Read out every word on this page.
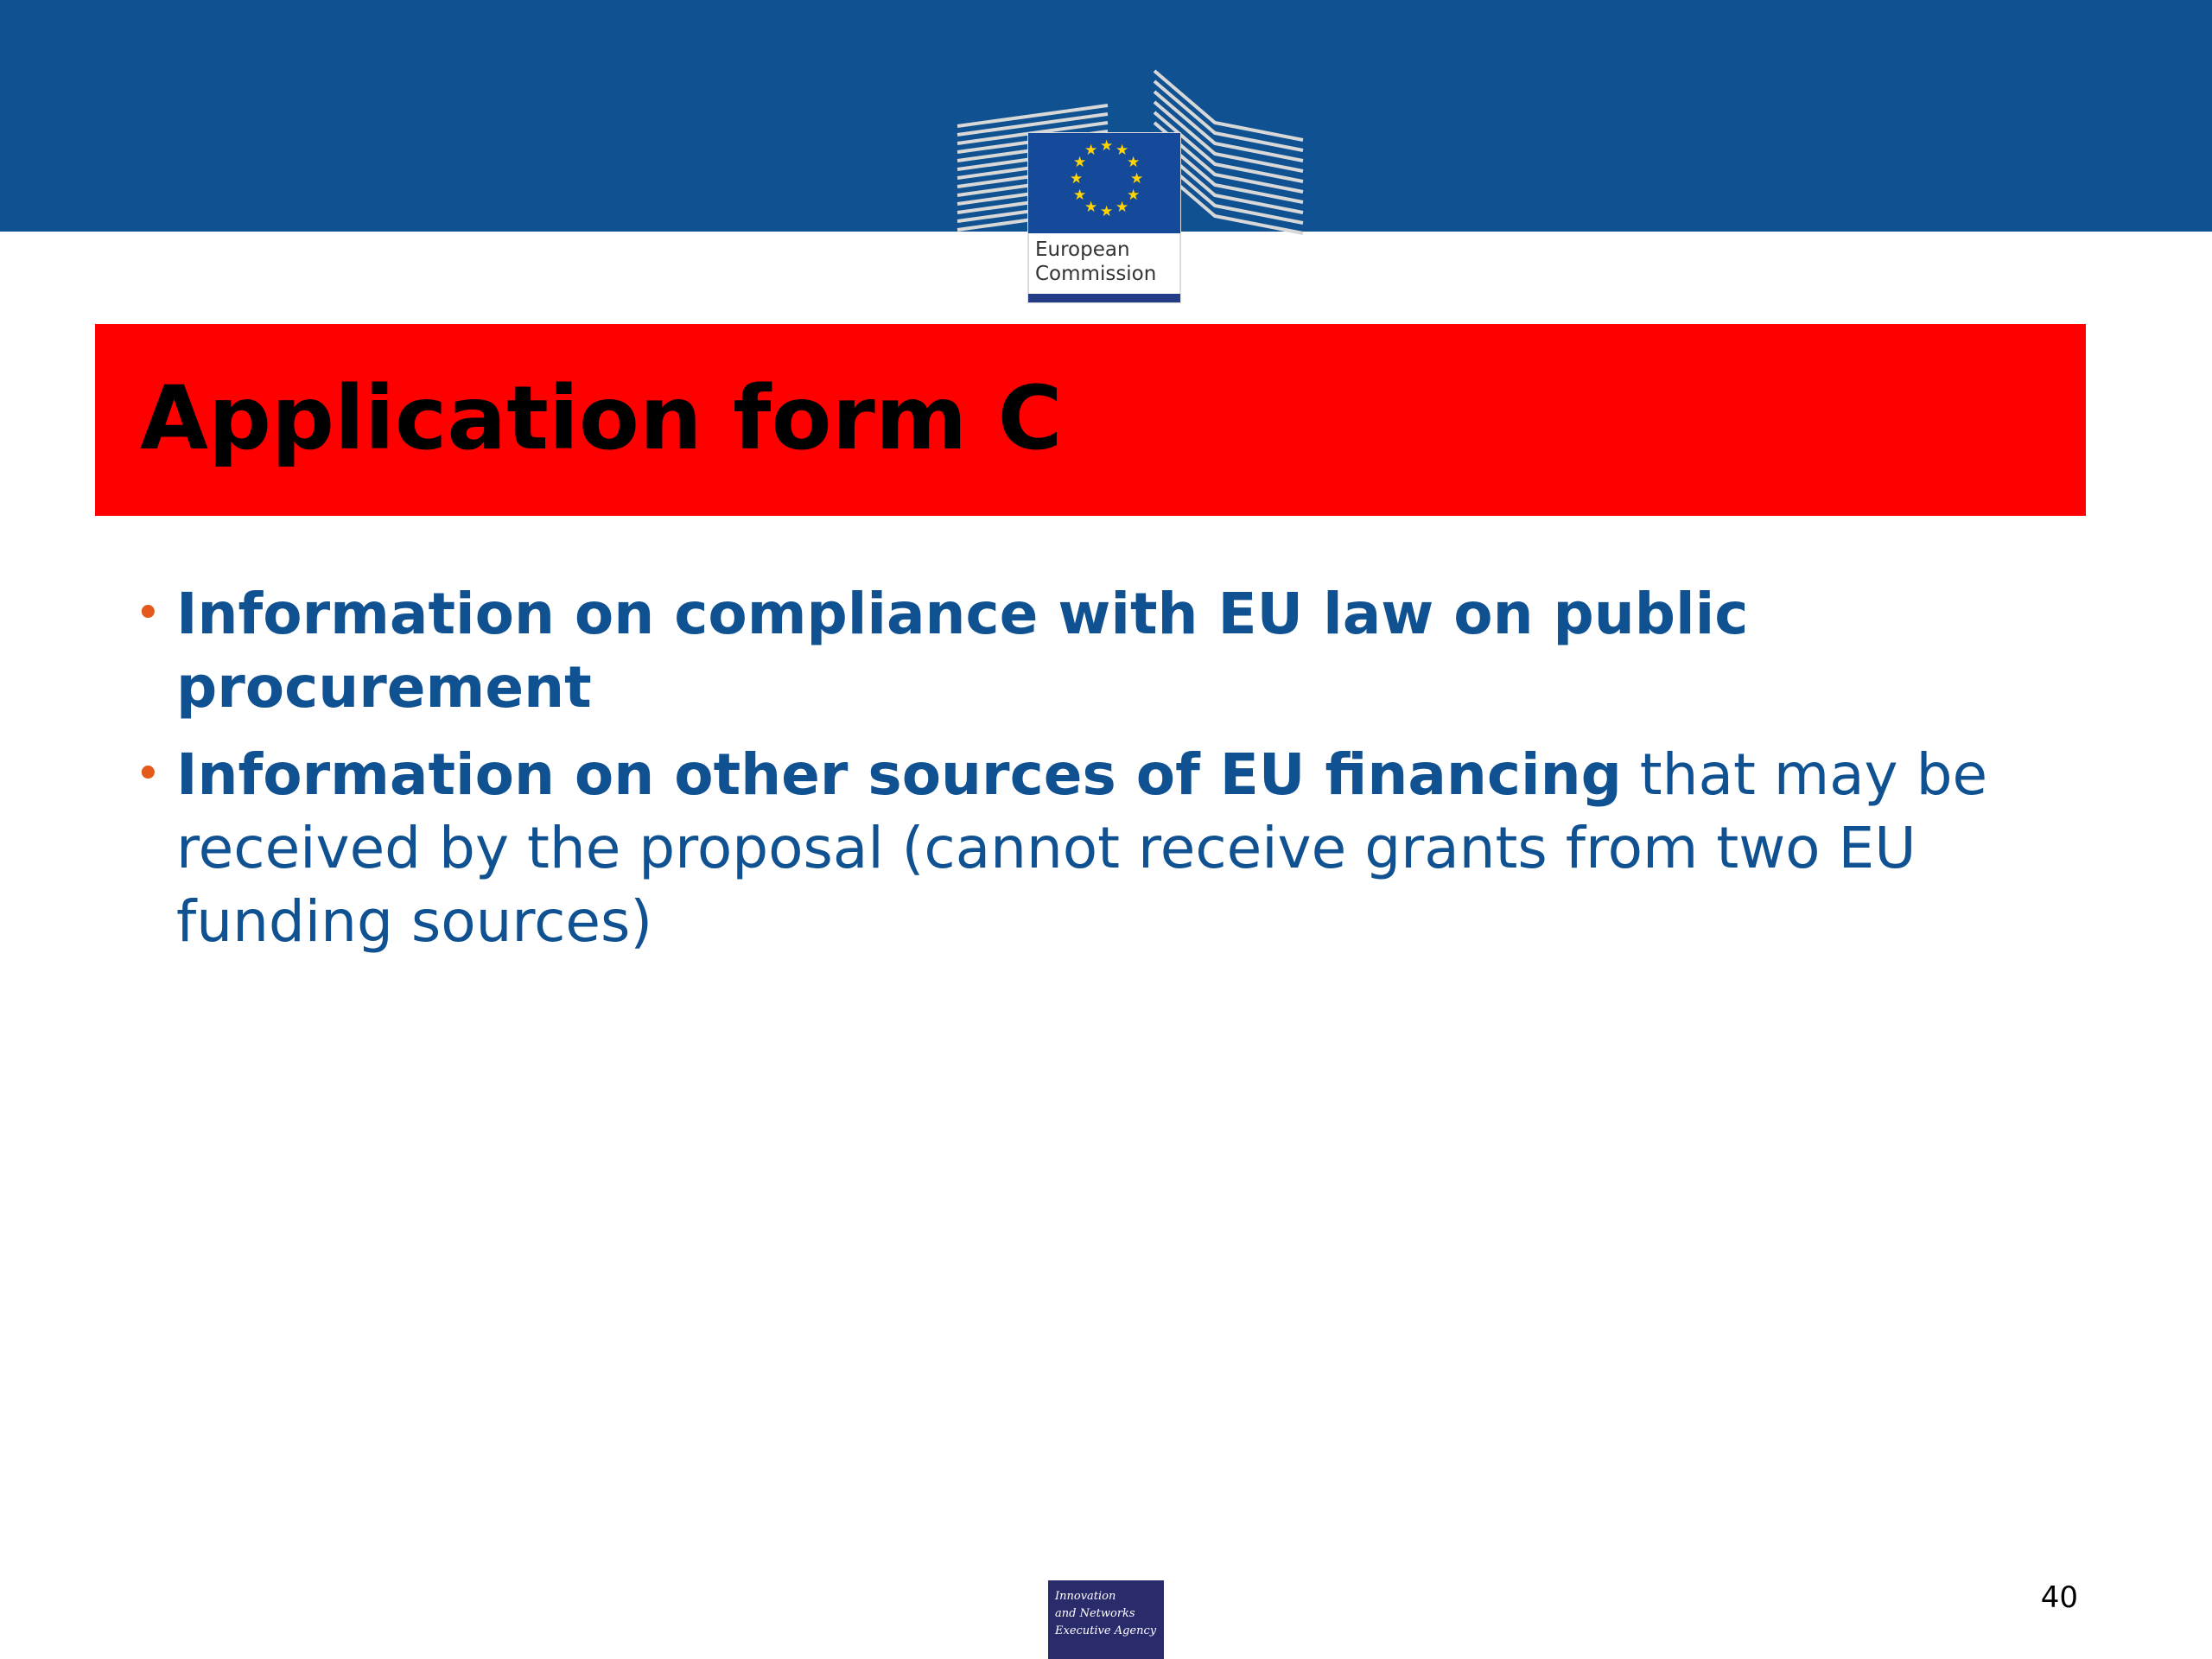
★ ★
★
★
★
★
★
★
★
★
★
★
European
Commission
Application form C
• Information on compliance with EU law on public procurement
• Information on other sources of EU financing that may be received by the proposal (cannot receive grants from two EU funding sources)
Innovation
and Networks
Executive Agency
40
